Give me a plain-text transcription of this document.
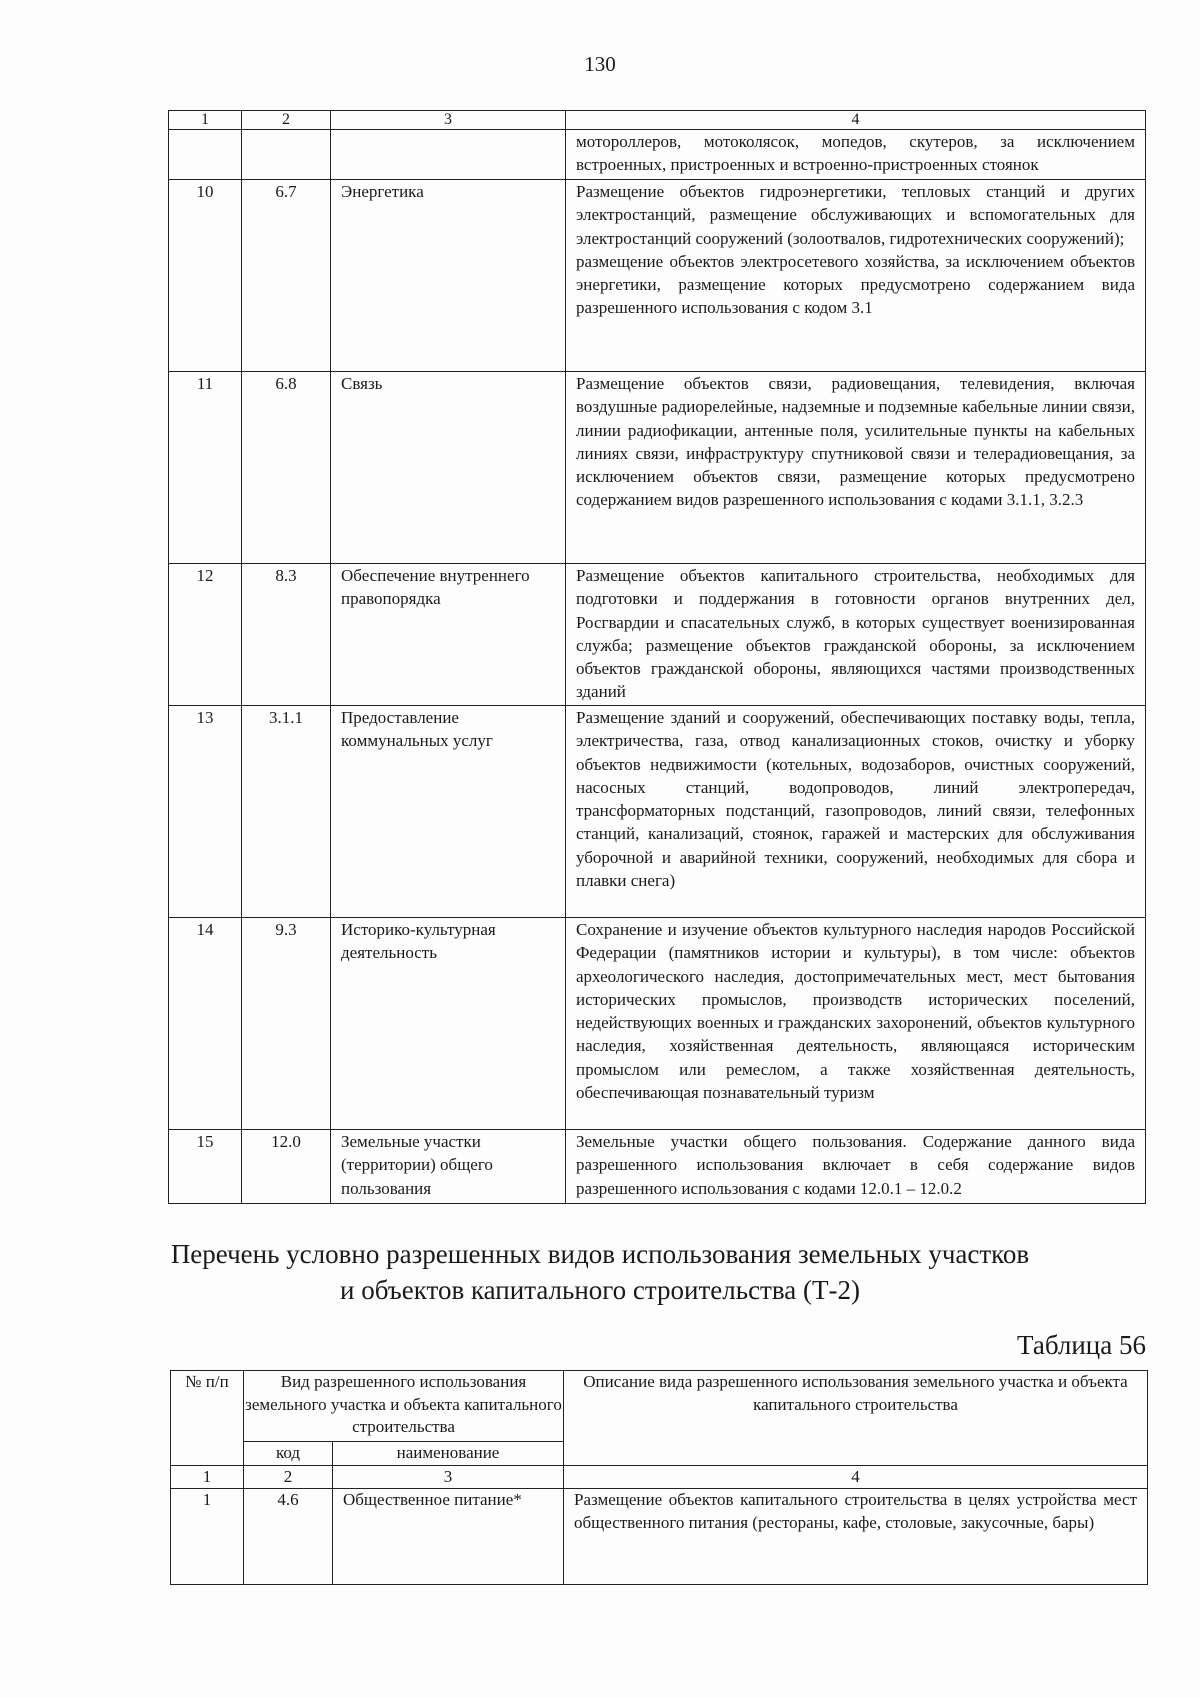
130
1	2	3	4

			мотороллеров, мотоколясок, мопедов, скутеров, за исключением встроенных, пристроенных и встроенно-пристроенных стоянок

10	6.7	Энергетика	Размещение объектов гидроэнергетики, тепловых станций и других электростанций, размещение обслуживающих и вспомогательных для электростанций сооружений (золоотвалов, гидротехнических сооружений);

размещение объектов электросетевого хозяйства, за исключением объектов энергетики, размещение которых предусмотрено содержанием вида разрешенного использования с кодом 3.1

11	6.8	Связь	Размещение объектов связи, радиовещания, телевидения, включая воздушные радиорелейные, надземные и подземные кабельные линии связи, линии радиофикации, антенные поля, усилительные пункты на кабельных линиях связи, инфраструктуру спутниковой связи и телерадиовещания, за исключением объектов связи, размещение которых предусмотрено содержанием видов разрешенного использования с кодами 3.1.1, 3.2.3

12	8.3	Обеспечение внутреннего правопорядка	Размещение объектов капитального строительства, необходимых для подготовки и поддержания в готовности органов внутренних дел, Росгвардии и спасательных служб, в которых существует военизированная служба; размещение объектов гражданской обороны, за исключением объектов гражданской обороны, являющихся частями производственных зданий

13	3.1.1	Предоставление коммунальных услуг	Размещение зданий и сооружений, обеспечивающих поставку воды, тепла, электричества, газа, отвод канализационных стоков, очистку и уборку объектов недвижимости (котельных, водозаборов, очистных сооружений, насосных станций, водопроводов, линий электропередач, трансформаторных подстанций, газопроводов, линий связи, телефонных станций, канализаций, стоянок, гаражей и мастерских для обслуживания уборочной и аварийной техники, сооружений, необходимых для сбора и плавки снега)

14	9.3	Историко-культурная деятельность	Сохранение и изучение объектов культурного наследия народов Российской Федерации (памятников истории и культуры), в том числе: объектов археологического наследия, достопримечательных мест, мест бытования исторических промыслов, производств исторических поселений, недействующих военных и гражданских захоронений, объектов культурного наследия, хозяйственная деятельность, являющаяся историческим промыслом или ремеслом, а также хозяйственная деятельность, обеспечивающая познавательный туризм

15	12.0	Земельные участки (территории) общего пользования	Земельные участки общего пользования. Содержание данного вида разрешенного использования включает в себя содержание видов разрешенного использования с кодами 12.0.1 – 12.0.2

Перечень условно разрешенных видов использования земельных участков
и объектов капитального строительства (Т-2)
Таблица 56
№ п/п	Вид разрешенного использования земельного участка и объекта капитального строительства		Описание вида разрешенного использования земельного участка и объекта капитального строительства
	код	наименование	
1	2	3	4
1	4.6	Общественное питание*	Размещение объектов капитального строительства в целях устройства мест общественного питания (рестораны, кафе, столовые, закусочные, бары)
